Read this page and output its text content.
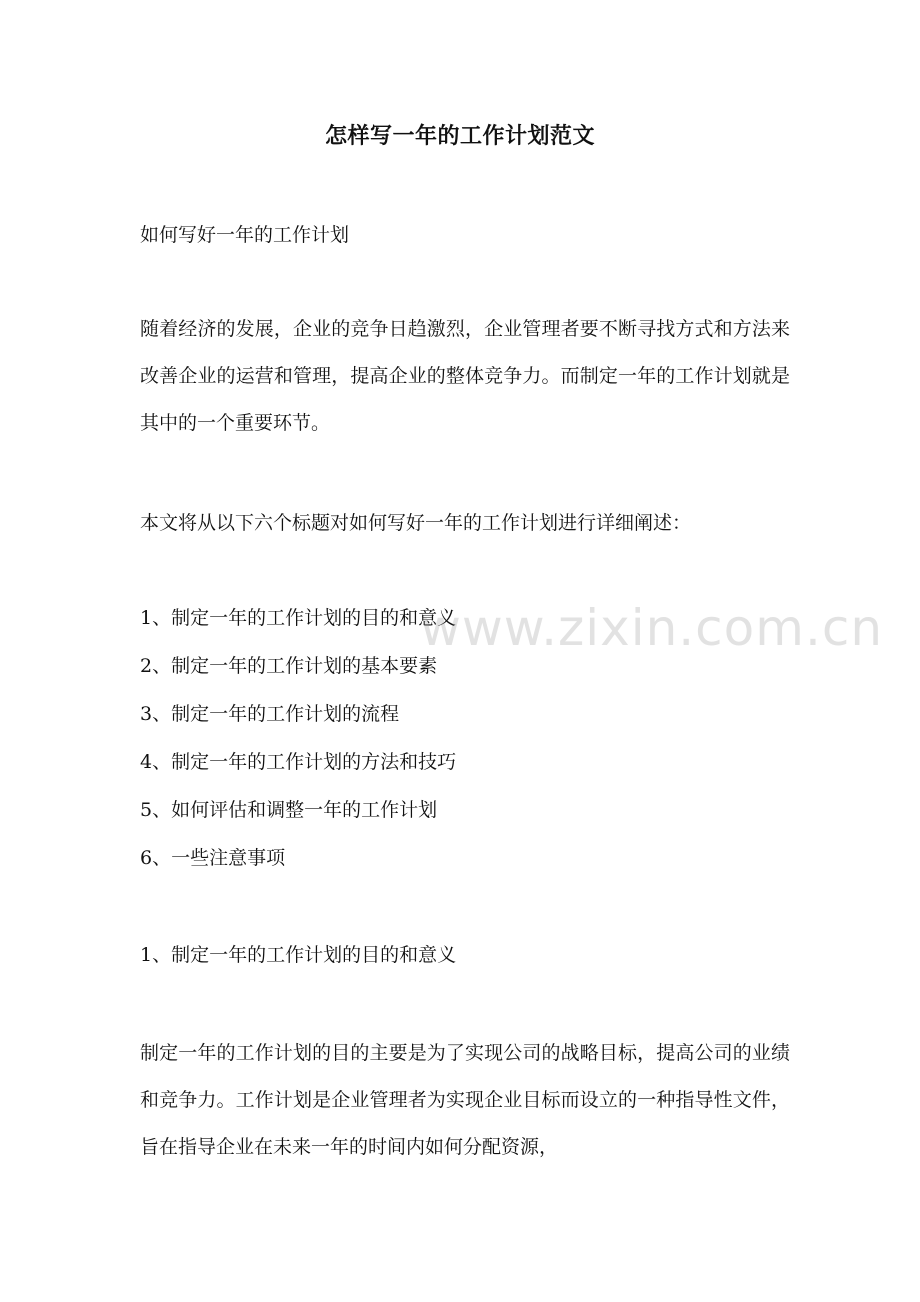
怎样写一年的工作计划范文
如何写好一年的工作计划
随着经济的发展，企业的竞争日趋激烈，企业管理者要不断寻找方式和方法来改善企业的运营和管理，提高企业的整体竞争力。而制定一年的工作计划就是其中的一个重要环节。
本文将从以下六个标题对如何写好一年的工作计划进行详细阐述：
1、制定一年的工作计划的目的和意义
2、制定一年的工作计划的基本要素
3、制定一年的工作计划的流程
4、制定一年的工作计划的方法和技巧
5、如何评估和调整一年的工作计划
6、一些注意事项
1、制定一年的工作计划的目的和意义
制定一年的工作计划的目的主要是为了实现公司的战略目标，提高公司的业绩和竞争力。工作计划是企业管理者为实现企业目标而设立的一种指导性文件，旨在指导企业在未来一年的时间内如何分配资源，
www.zixin.com.cn
